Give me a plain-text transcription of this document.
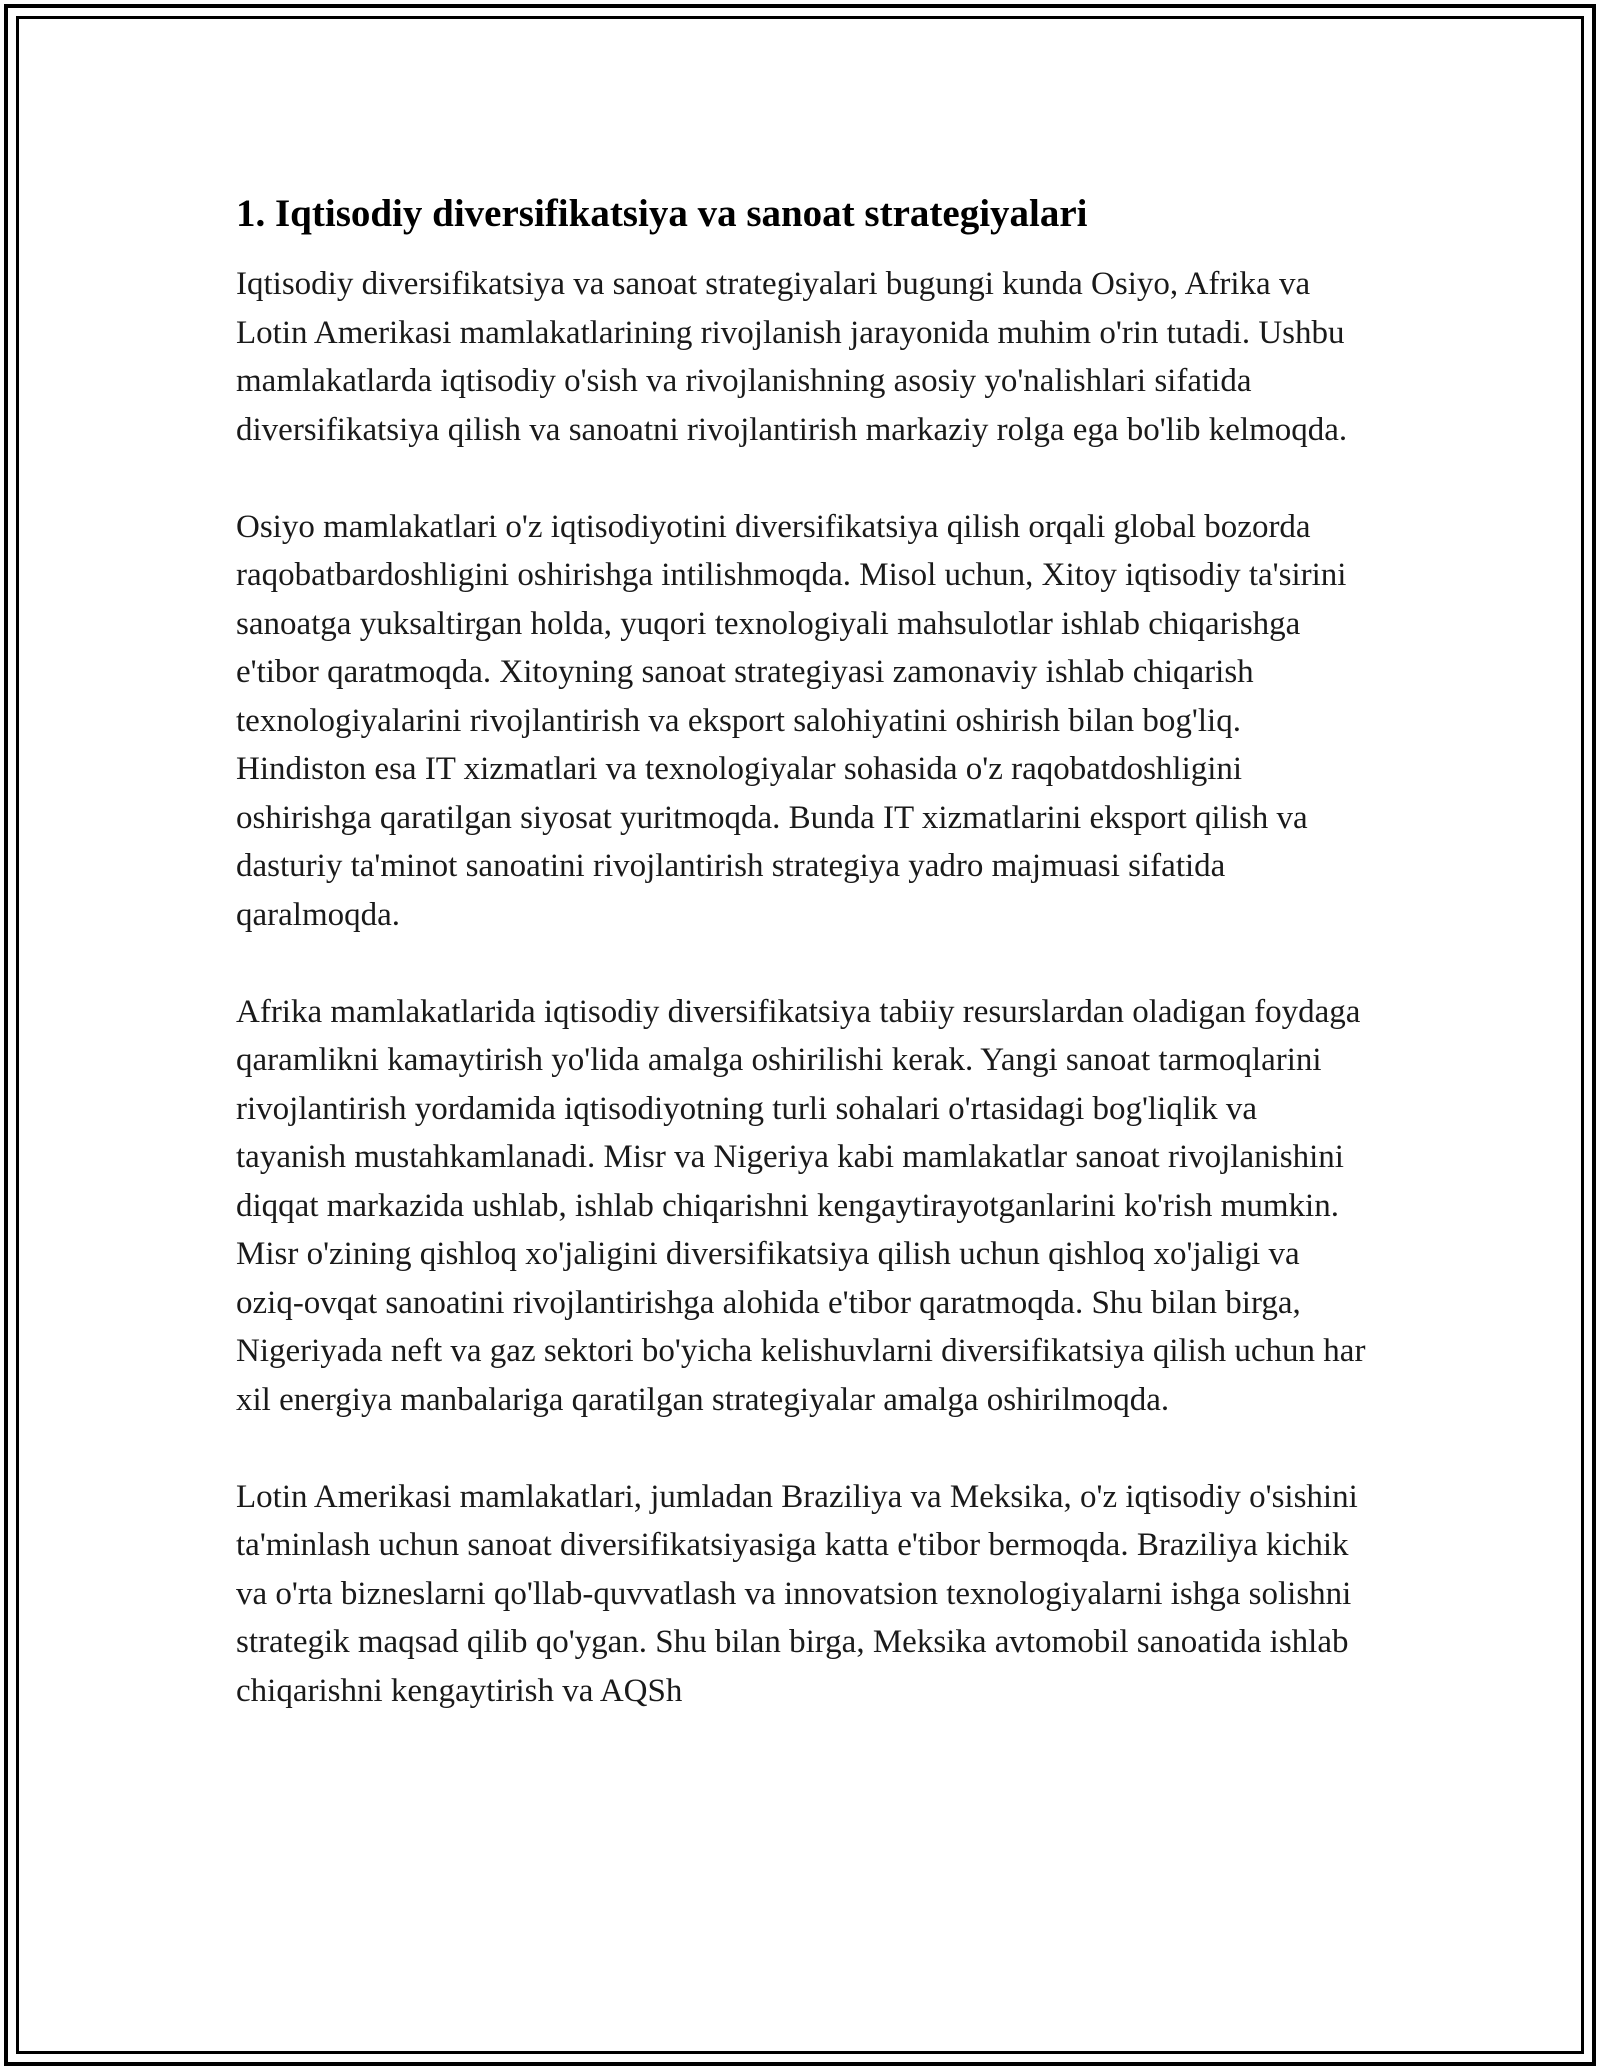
1. Iqtisodiy diversifikatsiya va sanoat strategiyalari

Iqtisodiy diversifikatsiya va sanoat strategiyalari bugungi kunda Osiyo, Afrika va Lotin Amerikasi mamlakatlarining rivojlanish jarayonida muhim o'rin tutadi. Ushbu mamlakatlarda iqtisodiy o'sish va rivojlanishning asosiy yo'nalishlari sifatida diversifikatsiya qilish va sanoatni rivojlantirish markaziy rolga ega bo'lib kelmoqda.

Osiyo mamlakatlari o'z iqtisodiyotini diversifikatsiya qilish orqali global bozorda raqobatbardoshligini oshirishga intilishmoqda. Misol uchun, Xitoy iqtisodiy ta'sirini sanoatga yuksaltirgan holda, yuqori texnologiyali mahsulotlar ishlab chiqarishga e'tibor qaratmoqda. Xitoyning sanoat strategiyasi zamonaviy ishlab chiqarish texnologiyalarini rivojlantirish va eksport salohiyatini oshirish bilan bog'liq. Hindiston esa IT xizmatlari va texnologiyalar sohasida o'z raqobatdoshligini oshirishga qaratilgan siyosat yuritmoqda. Bunda IT xizmatlarini eksport qilish va dasturiy ta'minot sanoatini rivojlantirish strategiya yadro majmuasi sifatida qaralmoqda.

Afrika mamlakatlarida iqtisodiy diversifikatsiya tabiiy resurslardan oladigan foydaga qaramlikni kamaytirish yo'lida amalga oshirilishi kerak. Yangi sanoat tarmoqlarini rivojlantirish yordamida iqtisodiyotning turli sohalari o'rtasidagi bog'liqlik va tayanish mustahkamlanadi. Misr va Nigeriya kabi mamlakatlar sanoat rivojlanishini diqqat markazida ushlab, ishlab chiqarishni kengaytirayotganlarini ko'rish mumkin. Misr o'zining qishloq xo'jaligini diversifikatsiya qilish uchun qishloq xo'jaligi va oziq-ovqat sanoatini rivojlantirishga alohida e'tibor qaratmoqda. Shu bilan birga, Nigeriyada neft va gaz sektori bo'yicha kelishuvlarni diversifikatsiya qilish uchun har xil energiya manbalariga qaratilgan strategiyalar amalga oshirilmoqda.

Lotin Amerikasi mamlakatlari, jumladan Braziliya va Meksika, o'z iqtisodiy o'sishini ta'minlash uchun sanoat diversifikatsiyasiga katta e'tibor bermoqda. Braziliya kichik va o'rta bizneslarni qo'llab-quvvatlash va innovatsion texnologiyalarni ishga solishni strategik maqsad qilib qo'ygan. Shu bilan birga, Meksika avtomobil sanoatida ishlab chiqarishni kengaytirish va AQSh
